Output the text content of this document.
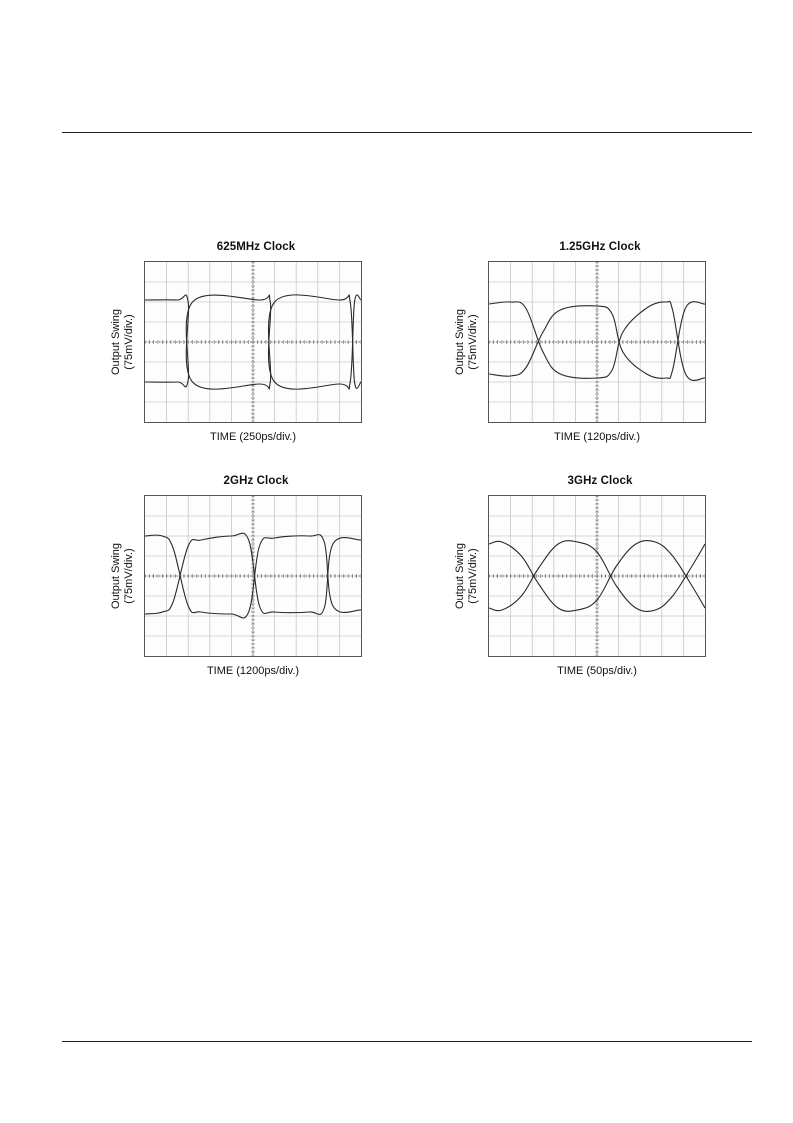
625MHz Clock
Output Swing (75mV/div.)
TIME (250ps/div.)
1.25GHz Clock
Output Swing (75mV/div.)
TIME (120ps/div.)
2GHz Clock
Output Swing (75mV/div.)
TIME (1200ps/div.)
3GHz Clock
Output Swing (75mV/div.)
TIME (50ps/div.)
